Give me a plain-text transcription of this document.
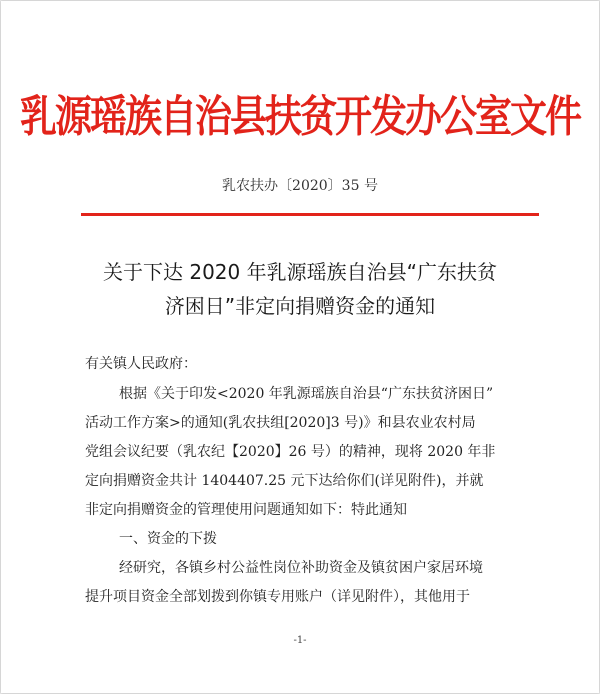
乳源瑶族自治县扶贫开发办公室文件
乳农扶办〔2020〕35 号
关于下达 2020 年乳源瑶族自治县“广东扶贫
济困日”非定向捐赠资金的通知
有关镇人民政府：
根据《关于印发<2020 年乳源瑶族自治县“广东扶贫济困日”
活动工作方案>的通知(乳农扶组[2020]3 号)》和县农业农村局
党组会议纪要（乳农纪【2020】26 号）的精神，现将 2020 年非
定向捐赠资金共计 1404407.25 元下达给你们(详见附件)，并就
非定向捐赠资金的管理使用问题通知如下：特此通知
一、资金的下拨
经研究，各镇乡村公益性岗位补助资金及镇贫困户家居环境
提升项目资金全部划拨到你镇专用账户（详见附件），其他用于
-1-
